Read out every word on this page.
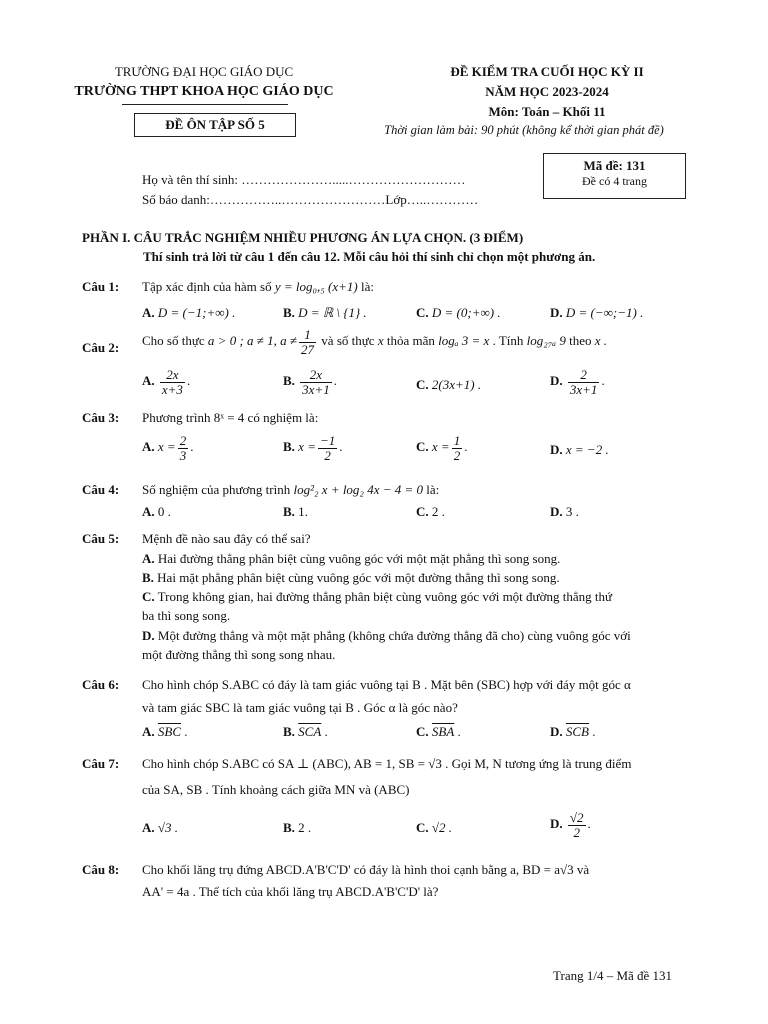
TRƯỜNG ĐẠI HỌC GIÁO DỤC
TRƯỜNG THPT KHOA HỌC GIÁO DỤC
ĐỀ ÔN TẬP SỐ 5
ĐỀ KIỂM TRA CUỐI HỌC KỲ II
NĂM HỌC 2023-2024
Môn: Toán – Khối 11
Thời gian làm bài: 90 phút (không kể thời gian phát đề)
Họ và tên thí sinh: ………………….....………………………
Số báo danh:……………..……………………Lớp…..…………
Mã đề: 131
Đề có 4 trang
PHẦN I. CÂU TRẮC NGHIỆM NHIỀU PHƯƠNG ÁN LỰA CHỌN. (3 ĐIỂM)
Thí sinh trả lời từ câu 1 đến câu 12. Mỗi câu hỏi thí sinh chỉ chọn một phương án.
Câu 1: Tập xác định của hàm số y = log₀,₅ (x+1) là:
A. D = (−1;+∞) .	B. D = ℝ \ {1} .	C. D = (0;+∞) .	D. D = (−∞;−1) .
Câu 2: Cho số thực a > 0 ; a ≠ 1, $a \ne \frac{1}{27}$ và số thực x thỏa mãn logₐ 3 = x . Tính log₂₇ₐ 9 theo x .
A. $\frac{2x}{x+3}$ .	B. $\frac{2x}{3x+1}$ .	C. 2(3x+1) .	D. $\frac{2}{3x+1}$ .
Câu 3: Phương trình 8ˣ = 4 có nghiệm là:
A. $x = \frac{2}{3}$ .	B. $x = \frac{-1}{2}$ .	C. $x = \frac{1}{2}$ .	D. x = −2 .
Câu 4: Số nghiệm của phương trình log²₂ x + log₂ 4x − 4 = 0 là:
A. 0 .	B. 1.	C. 2 .	D. 3 .
Câu 5: Mệnh đề nào sau đây có thể sai?
A. Hai đường thẳng phân biệt cùng vuông góc với một mặt phẳng thì song song.
B. Hai mặt phẳng phân biệt cùng vuông góc với một đường thẳng thì song song.
C. Trong không gian, hai đường thẳng phân biệt cùng vuông góc với một đường thẳng thứ
ba thì song song.
D. Một đường thẳng và một mặt phẳng (không chứa đường thẳng đã cho) cùng vuông góc với
một đường thẳng thì song song nhau.
Câu 6: Cho hình chóp S.ABC có đáy là tam giác vuông tại B . Mặt bên (SBC) hợp với đáy một góc α
và tam giác SBC là tam giác vuông tại B . Góc α là góc nào?
A. $\overline{SBC}$ .	B. $\overline{SCA}$ .	C. $\overline{SBA}$ .	D. $\overline{SCB}$ .
Câu 7: Cho hình chóp S.ABC có SA ⊥ (ABC), AB = 1, SB = √3 . Gọi M, N tương ứng là trung điểm
của SA, SB . Tính khoảng cách giữa MN và (ABC)
A. √3 .	B. 2 .	C. √2 .	D. $\frac{√2}{2}$ .
Câu 8: Cho khối lăng trụ đứng ABCD.A'B'C'D' có đáy là hình thoi cạnh bằng a, BD = a√3 và
AA' = 4a . Thể tích của khối lăng trụ ABCD.A'B'C'D' là?
Trang 1/4 – Mã đề 131
